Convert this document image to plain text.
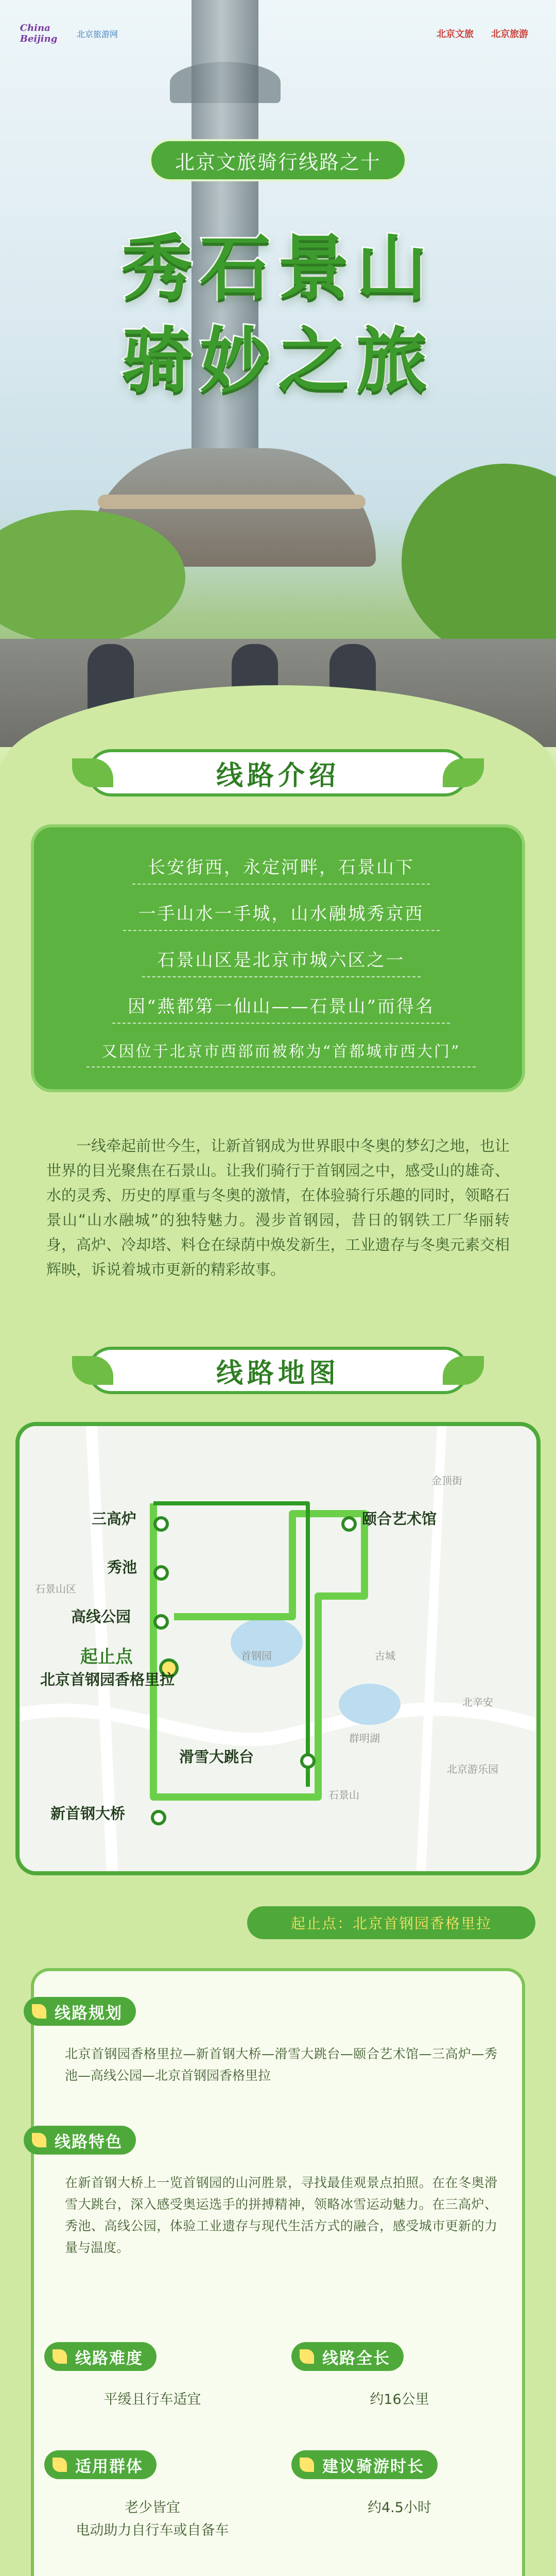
China Beijing	北京旅游网	北京文旅	北京旅游
北京文旅骑行线路之十
秀石景山
骑妙之旅
线路介绍
长安街西，永定河畔，石景山下
一手山水一手城，山水融城秀京西
石景山区是北京市城六区之一
因“燕都第一仙山——石景山”而得名
又因位于北京市西部而被称为“首都城市西大门”
一线牵起前世今生，让新首钢成为世界眼中冬奥的梦幻之地，也让世界的目光聚焦在石景山。让我们骑行于首钢园之中，感受山的雄奇、水的灵秀、历史的厚重与冬奥的激情，在体验骑行乐趣的同时，领略石景山“山水融城”的独特魅力。漫步首钢园，昔日的钢铁工厂华丽转身，高炉、冷却塔、料仓在绿荫中焕发新生，工业遗存与冬奥元素交相辉映，诉说着城市更新的精彩故事。
线路地图
三高炉
秀池
高线公园
起止点
北京首钢园香格里拉
滑雪大跳台
新首钢大桥
颐合艺术馆
石景山区
首钢园	古城
北辛安
群明湖
石景山
北京游乐园
金顶街
起止点：北京首钢园香格里拉
线路规划
北京首钢园香格里拉—新首钢大桥—滑雪大跳台—颐合艺术馆—三高炉—秀池—高线公园—北京首钢园香格里拉
线路特色
在新首钢大桥上一览首钢园的山河胜景，寻找最佳观景点拍照。在在冬奥滑雪大跳台，深入感受奥运选手的拼搏精神，领略冰雪运动魅力。在三高炉、秀池、高线公园，体验工业遗存与现代生活方式的融合，感受城市更新的力量与温度。
线路难度
平缓且行车适宜
线路全长
约16公里
适用群体
老少皆宜
电动助力自行车或自备车
建议骑游时长
约4.5小时
